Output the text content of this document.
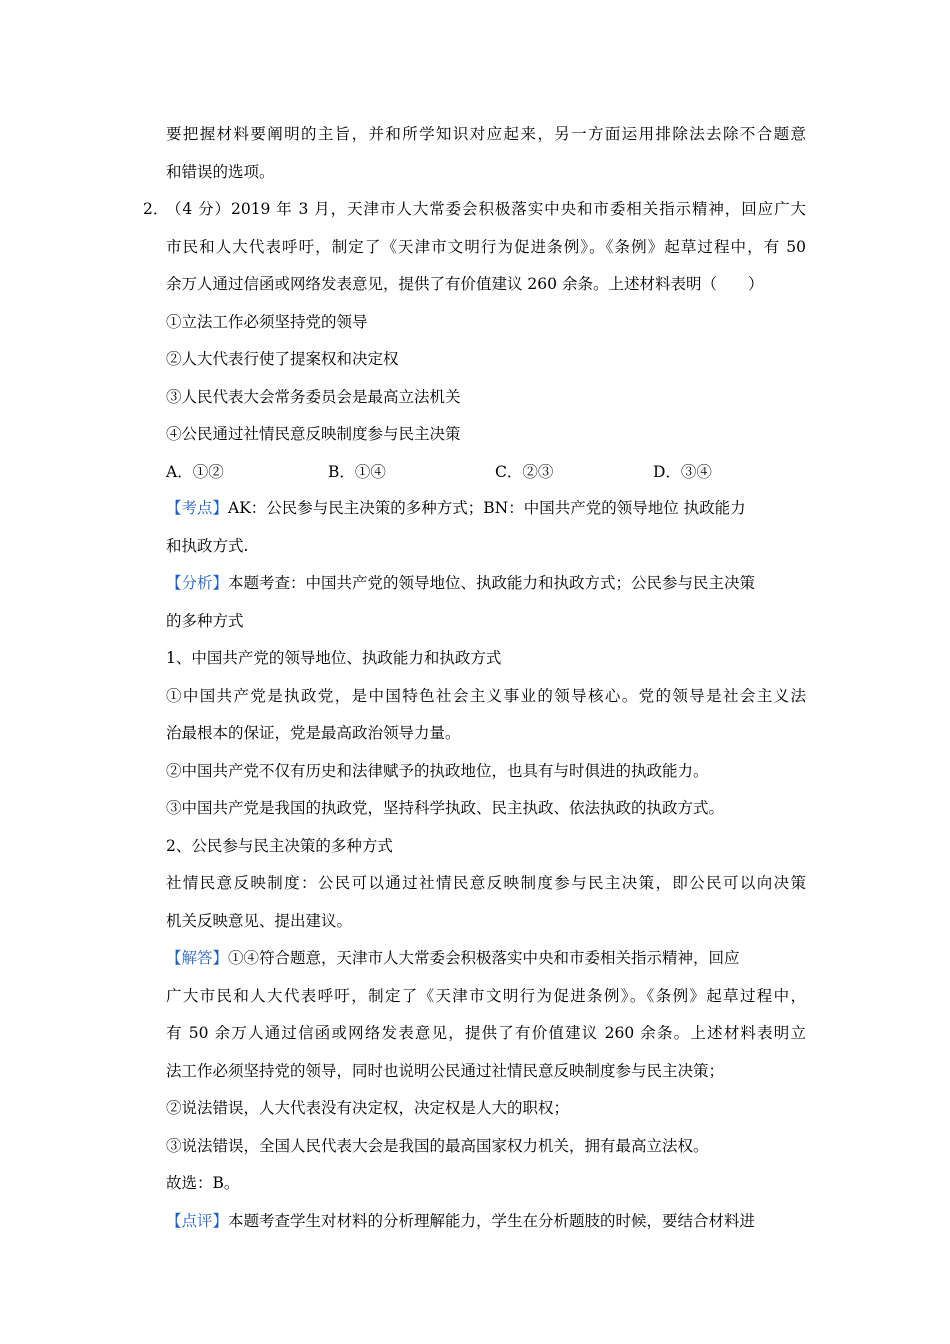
要把握材料要阐明的主旨，并和所学知识对应起来，另一方面运用排除法去除不合题意
和错误的选项。
2．
（4 分）2019 年 3 月，天津市人大常委会积极落实中央和市委相关指示精神，回应广大
市民和人大代表呼吁，制定了《天津市文明行为促进条例》。《条例》起草过程中，有 50
余万人通过信函或网络发表意见，提供了有价值建议 260 余条。上述材料表明（　　）
①立法工作必须坚持党的领导
②人大代表行使了提案权和决定权
③人民代表大会常务委员会是最高立法机关
④公民通过社情民意反映制度参与民主决策
A．①②	B．①④	C．②③	D．③④
【考点】AK：公民参与民主决策的多种方式；BN：中国共产党的领导地位 执政能力
和执政方式.
【分析】本题考查：中国共产党的领导地位、执政能力和执政方式；公民参与民主决策
的多种方式
1、中国共产党的领导地位、执政能力和执政方式
①中国共产党是执政党，是中国特色社会主义事业的领导核心。党的领导是社会主义法
治最根本的保证，党是最高政治领导力量。
②中国共产党不仅有历史和法律赋予的执政地位，也具有与时俱进的执政能力。
③中国共产党是我国的执政党，坚持科学执政、民主执政、依法执政的执政方式。
2、公民参与民主决策的多种方式
社情民意反映制度：公民可以通过社情民意反映制度参与民主决策，即公民可以向决策
机关反映意见、提出建议。
【解答】①④符合题意，天津市人大常委会积极落实中央和市委相关指示精神，回应
广大市民和人大代表呼吁，制定了《天津市文明行为促进条例》。《条例》起草过程中，
有 50 余万人通过信函或网络发表意见，提供了有价值建议 260 余条。上述材料表明立
法工作必须坚持党的领导，同时也说明公民通过社情民意反映制度参与民主决策；
②说法错误，人大代表没有决定权，决定权是人大的职权；
③说法错误，全国人民代表大会是我国的最高国家权力机关，拥有最高立法权。
故选：B。
【点评】本题考查学生对材料的分析理解能力，学生在分析题肢的时候，要结合材料进
